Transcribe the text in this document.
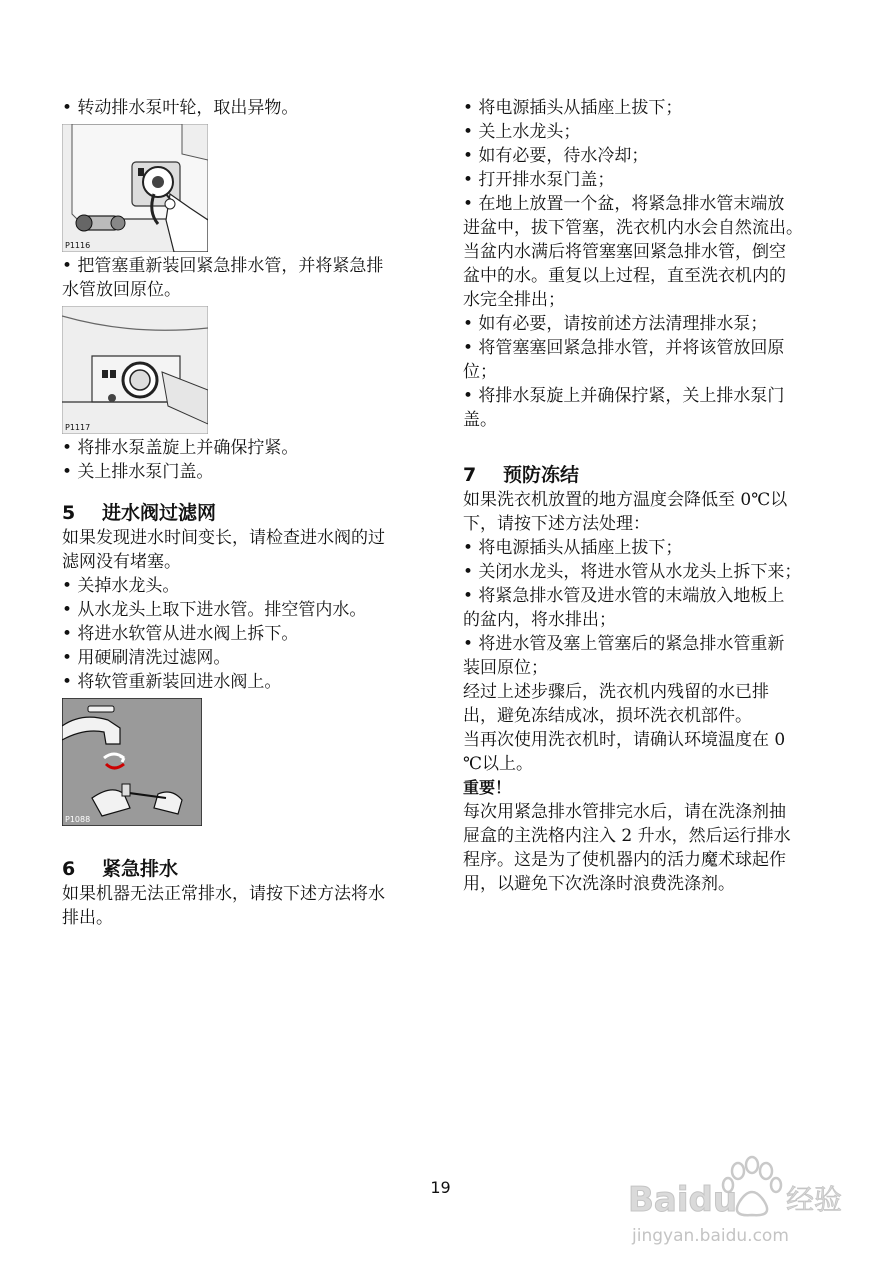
• 转动排水泵叶轮，取出异物。

P1116

• 把管塞重新装回紧急排水管，并将紧急排

水管放回原位。

P1117

• 将排水泵盖旋上并确保拧紧。

• 关上排水泵门盖。

5 进水阀过滤网

如果发现进水时间变长，请检查进水阀的过

滤网没有堵塞。

• 关掉水龙头。

• 从水龙头上取下进水管。排空管内水。

• 将进水软管从进水阀上拆下。

• 用硬刷清洗过滤网。

• 将软管重新装回进水阀上。

P1088

6 紧急排水

如果机器无法正常排水，请按下述方法将水

排出。

• 将电源插头从插座上拔下；

• 关上水龙头；

• 如有必要，待水冷却；

• 打开排水泵门盖；

• 在地上放置一个盆，将紧急排水管末端放

进盆中，拔下管塞，洗衣机内水会自然流出。

当盆内水满后将管塞塞回紧急排水管，倒空

盆中的水。重复以上过程，直至洗衣机内的

水完全排出；

• 如有必要，请按前述方法清理排水泵；

• 将管塞塞回紧急排水管，并将该管放回原

位；

• 将排水泵旋上并确保拧紧，关上排水泵门

盖。

7 预防冻结

如果洗衣机放置的地方温度会降低至 0℃以

下，请按下述方法处理：

• 将电源插头从插座上拔下；

• 关闭水龙头，将进水管从水龙头上拆下来；

• 将紧急排水管及进水管的末端放入地板上

的盆内，将水排出；

• 将进水管及塞上管塞后的紧急排水管重新

装回原位；

经过上述步骤后，洗衣机内残留的水已排

出，避免冻结成冰，损坏洗衣机部件。

当再次使用洗衣机时，请确认环境温度在 0

℃以上。

重要！

每次用紧急排水管排完水后，请在洗涤剂抽

屉盒的主洗格内注入 2 升水，然后运行排水

程序。这是为了使机器内的活力魔术球起作

用，以避免下次洗涤时浪费洗涤剂。

19	Baidu 经验
jingyan.baidu.com
